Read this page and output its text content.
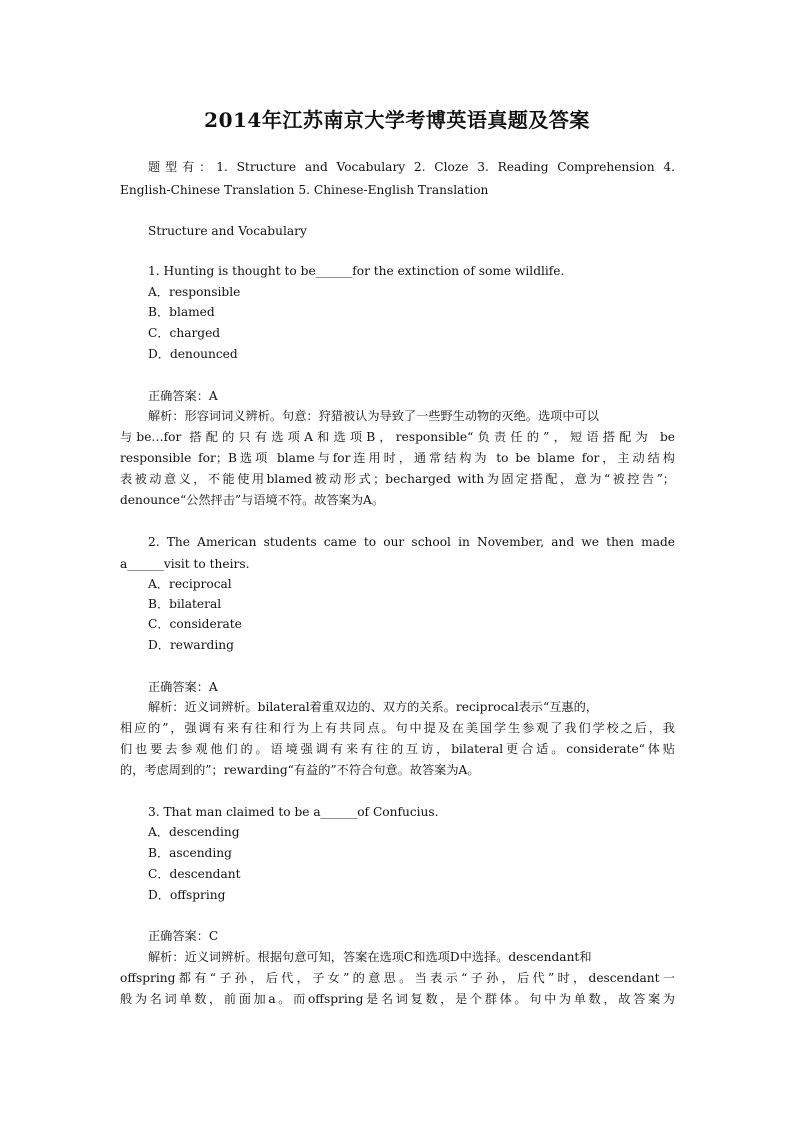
2014年江苏南京大学考博英语真题及答案
题型有：1. Structure and Vocabulary 2. Cloze 3. Reading Comprehension 4.
English-Chinese Translation 5. Chinese-English Translation
Structure and Vocabulary
1. Hunting is thought to be______for the extinction of some wildlife.
A．responsible
B．blamed
C．charged
D．denounced
正确答案：A
解析：形容词词义辨析。句意：狩猎被认为导致了一些野生动物的灭绝。选项中可以
与be…for 搭配的只有选项A和选项B，responsible“负责任的”，短语搭配为 be
responsible for；B选项 blame与for连用时，通常结构为 to be blame for，主动结构
表被动意义，不能使用blamed被动形式；becharged with为固定搭配，意为“被控告”；
denounce“公然抨击”与语境不符。故答案为A。
2. The American students came to our school in November, and we then made
a______visit to theirs.
A．reciprocal
B．bilateral
C．considerate
D．rewarding
正确答案：A
解析：近义词辨析。bilateral着重双边的、双方的关系。reciprocal表示“互惠的，
相应的”，强调有来有往和行为上有共同点。句中提及在美国学生参观了我们学校之后，我
们也要去参观他们的。语境强调有来有往的互访，bilateral更合适。considerate“体贴
的，考虑周到的”；rewarding“有益的”不符合句意。故答案为A。
3. That man claimed to be a______of Confucius.
A．descending
B．ascending
C．descendant
D．offspring
正确答案：C
解析：近义词辨析。根据句意可知，答案在选项C和选项D中选择。descendant和
offspring都有“子孙，后代，子女”的意思。当表示“子孙，后代”时，descendant一
般为名词单数，前面加a。而offspring是名词复数，是个群体。句中为单数，故答案为
